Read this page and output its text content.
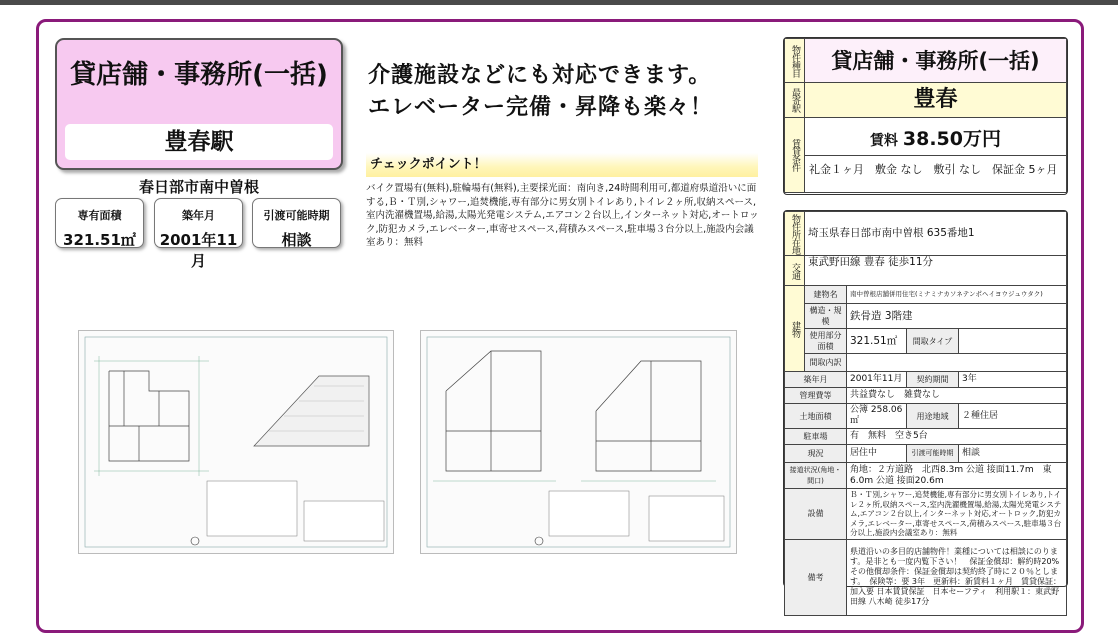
貸店舗・事務所(一括)
豊春駅
春日部市南中曽根
専有面積
321.51㎡
築年月
2001年11月
引渡可能時期
相談
介護施設などにも対応できます。
エレベーター完備・昇降も楽々！
チェックポイント！
バイク置場有(無料),駐輪場有(無料),主要採光面：南向き,24時間利用可,都道府県道沿いに面する,Ｂ・Ｔ別,シャワー,追焚機能,専有部分に男女別トイレあり,トイレ２ヶ所,収納スペース,室内洗濯機置場,給湯,太陽光発電システム,エアコン２台以上,インターネット対応,オートロック,防犯カメラ,エレベーター,車寄せスペース,荷積みスペース,駐車場３台分以上,施設内会議室あり：無料
物件種目	貸店舗・事務所(一括)
最寄駅	豊春
賃貸条件	賃料 38.50万円
礼金１ヶ月　敷金 なし　敷引 なし　保証金 5ヶ月
物件所在地	埼玉県春日部市南中曽根 635番地1			
交通	東武野田線 豊春 徒歩11分			
建物	建物名	南中曽根店舗併用住宅(ミナミナカソネテンポヘイヨウジュウタク)		
	構造・規模	鉄骨造 3階建		
	使用部分面積	321.51㎡	間取タイプ	
	間取内訳			
築年月		2001年11月	契約期間	3年
管理費等		共益費なし　雑費なし		
土地面積		公簿 258.06㎡	用途地域	２種住居
駐車場		有　無料　空き5台		
現況		居住中	引渡可能時期	相談
接道状況(角地・間口)		角地：２方道路　北西8.3m 公道 接面11.7m　東6.0m 公道 接面20.6m		
設備		Ｂ・Ｔ別,シャワー,追焚機能,専有部分に男女別トイレあり,トイレ２ヶ所,収納スペース,室内洗濯機置場,給湯,太陽光発電システム,エアコン２台以上,インターネット対応,オートロック,防犯カメラ,エレベーター,車寄せスペース,荷積みスペース,駐車場３台分以上,施設内会議室あり：無料		
備考		県道沿いの多目的店舗物件！業種については相談にのります。是非とも一度内覧下さい！　保証金償却：解約時20% その他償却条件：保証金償却は契約終了時に２０％とします。　保険等：要 3年　更新料：新賃料１ヶ月　賃貸保証：加入要 日本賃貸保証　日本セーフティ　利用駅１：東武野田線 八木崎 徒歩17分		
